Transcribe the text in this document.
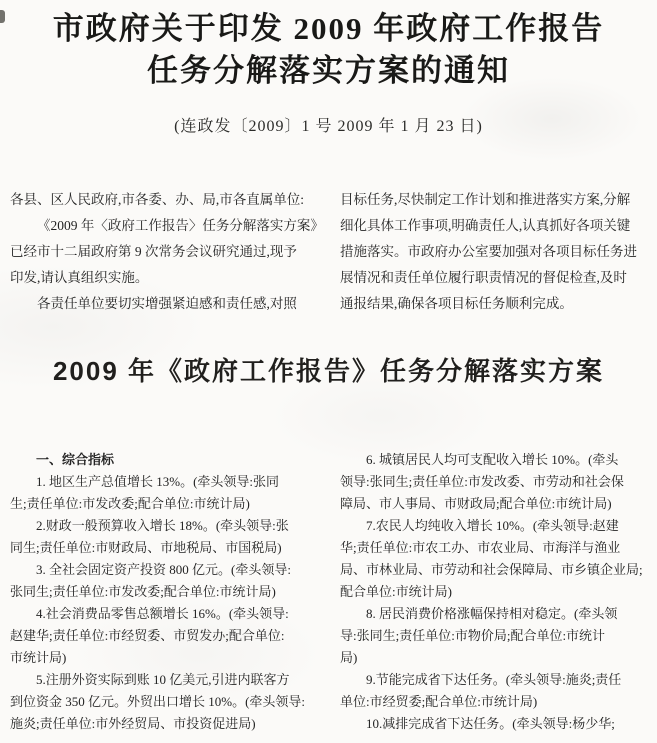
市政府关于印发 2009 年政府工作报告
任务分解落实方案的通知
(连政发〔2009〕1 号 2009 年 1 月 23 日)
各县、区人民政府,市各委、办、局,市各直属单位:
《2009 年〈政府工作报告〉任务分解落实方案》
已经市十二届政府第 9 次常务会议研究通过,现予
印发,请认真组织实施。
各责任单位要切实增强紧迫感和责任感,对照
目标任务,尽快制定工作计划和推进落实方案,分解
细化具体工作事项,明确责任人,认真抓好各项关键
措施落实。市政府办公室要加强对各项目标任务进
展情况和责任单位履行职责情况的督促检查,及时
通报结果,确保各项目标任务顺利完成。
2009 年《政府工作报告》任务分解落实方案
一、综合指标
1. 地区生产总值增长 13%。(牵头领导:张同
生;责任单位:市发改委;配合单位:市统计局)
2.财政一般预算收入增长 18%。(牵头领导:张
同生;责任单位:市财政局、市地税局、市国税局)
3. 全社会固定资产投资 800 亿元。(牵头领导:
张同生;责任单位:市发改委;配合单位:市统计局)
4.社会消费品零售总额增长 16%。(牵头领导:
赵建华;责任单位:市经贸委、市贸发办;配合单位:
市统计局)
5.注册外资实际到账 10 亿美元,引进内联客方
到位资金 350 亿元。外贸出口增长 10%。(牵头领导:
施炎;责任单位:市外经贸局、市投资促进局)
6. 城镇居民人均可支配收入增长 10%。(牵头
领导:张同生;责任单位:市发改委、市劳动和社会保
障局、市人事局、市财政局;配合单位:市统计局)
7.农民人均纯收入增长 10%。(牵头领导:赵建
华;责任单位:市农工办、市农业局、市海洋与渔业
局、市林业局、市劳动和社会保障局、市乡镇企业局;
配合单位:市统计局)
8. 居民消费价格涨幅保持相对稳定。(牵头领
导:张同生;责任单位:市物价局;配合单位:市统计
局)
9.节能完成省下达任务。(牵头领导:施炎;责任
单位:市经贸委;配合单位:市统计局)
10.减排完成省下达任务。(牵头领导:杨少华;
